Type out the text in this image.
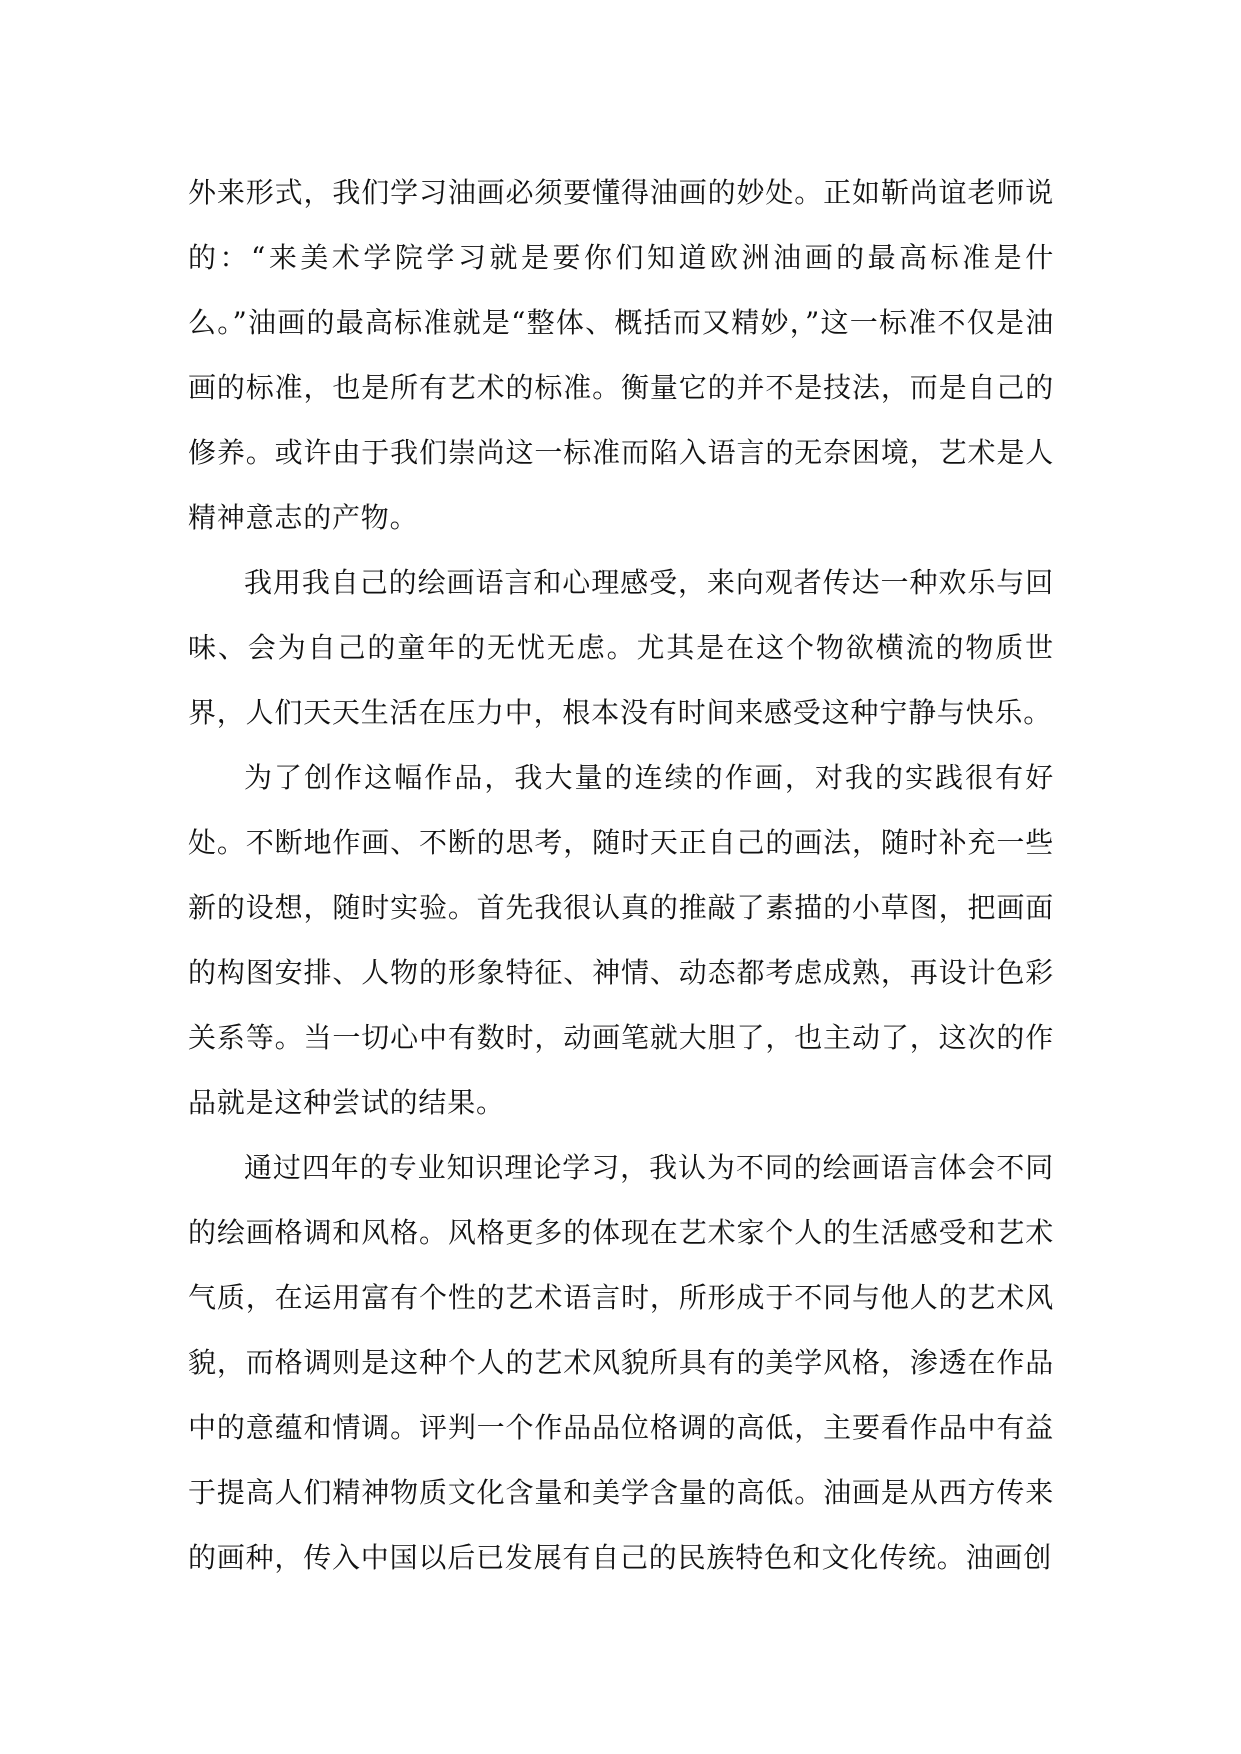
外来形式，我们学习油画必须要懂得油画的妙处。正如靳尚谊老师说的：“来美术学院学习就是要你们知道欧洲油画的最高标准是什么。”油画的最高标准就是“整体、概括而又精妙，”这一标准不仅是油画的标准，也是所有艺术的标准。衡量它的并不是技法，而是自己的修养。或许由于我们崇尚这一标准而陷入语言的无奈困境，艺术是人精神意志的产物。

我用我自己的绘画语言和心理感受，来向观者传达一种欢乐与回味、会为自己的童年的无忧无虑。尤其是在这个物欲横流的物质世界，人们天天生活在压力中，根本没有时间来感受这种宁静与快乐。

为了创作这幅作品，我大量的连续的作画，对我的实践很有好处。不断地作画、不断的思考，随时天正自己的画法，随时补充一些新的设想，随时实验。首先我很认真的推敲了素描的小草图，把画面的构图安排、人物的形象特征、神情、动态都考虑成熟，再设计色彩关系等。当一切心中有数时，动画笔就大胆了，也主动了，这次的作品就是这种尝试的结果。

通过四年的专业知识理论学习，我认为不同的绘画语言体会不同的绘画格调和风格。风格更多的体现在艺术家个人的生活感受和艺术气质，在运用富有个性的艺术语言时，所形成于不同与他人的艺术风貌，而格调则是这种个人的艺术风貌所具有的美学风格，渗透在作品中的意蕴和情调。评判一个作品品位格调的高低，主要看作品中有益于提高人们精神物质文化含量和美学含量的高低。油画是从西方传来的画种，传入中国以后已发展有自己的民族特色和文化传统。油画创
